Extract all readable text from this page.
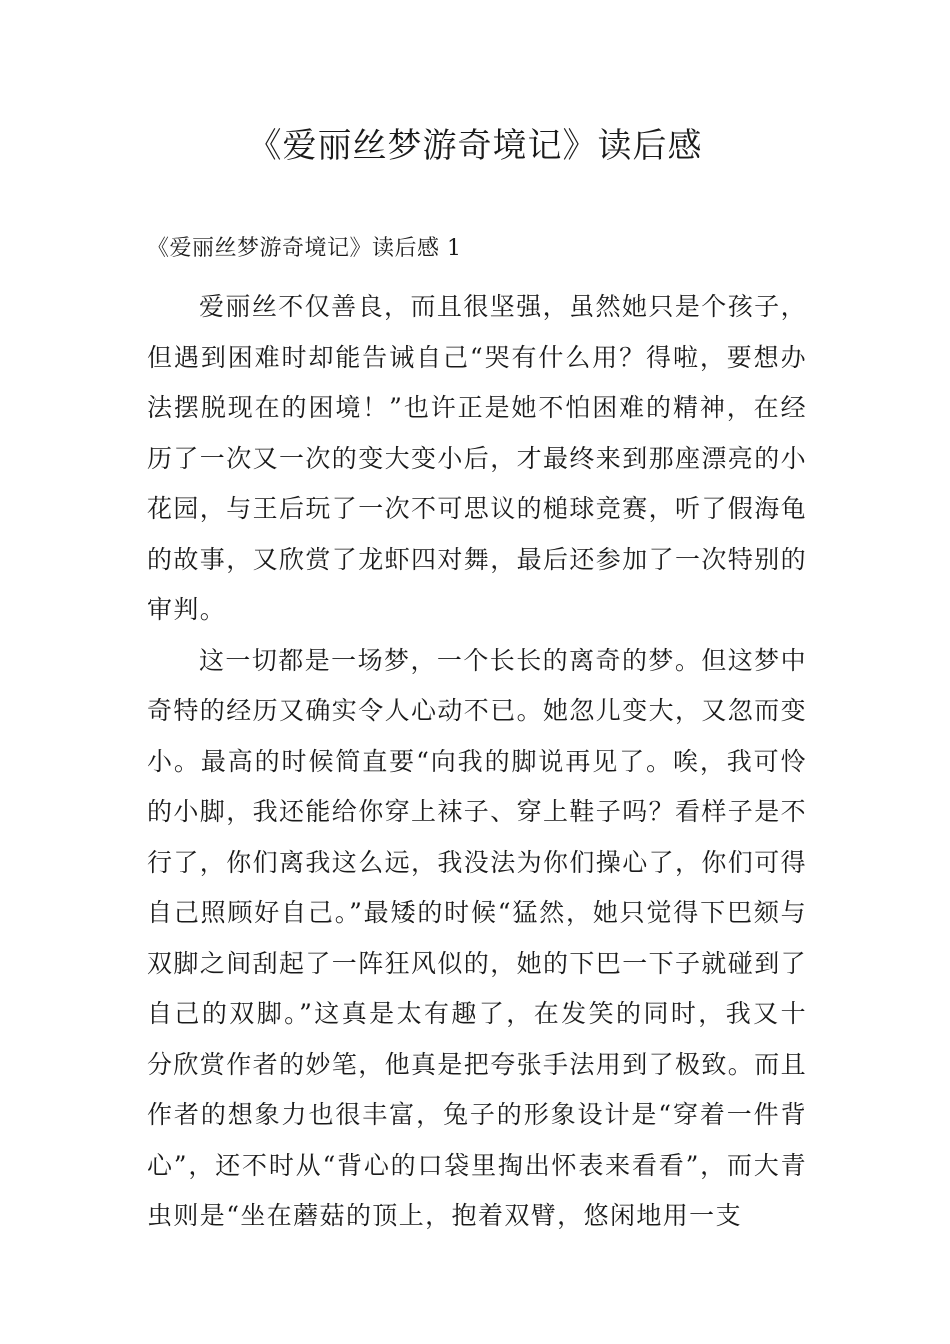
《爱丽丝梦游奇境记》读后感
《爱丽丝梦游奇境记》读后感 1

爱丽丝不仅善良，而且很坚强，虽然她只是个孩子，但遇到困难时却能告诫自己“哭有什么用？得啦，要想办法摆脱现在的困境！”也许正是她不怕困难的精神，在经历了一次又一次的变大变小后，才最终来到那座漂亮的小花园，与王后玩了一次不可思议的槌球竞赛，听了假海龟的故事，又欣赏了龙虾四对舞，最后还参加了一次特别的审判。

这一切都是一场梦，一个长长的离奇的梦。但这梦中奇特的经历又确实令人心动不已。她忽儿变大，又忽而变小。最高的时候简直要“向我的脚说再见了。唉，我可怜的小脚，我还能给你穿上袜子、穿上鞋子吗？看样子是不行了，你们离我这么远，我没法为你们操心了，你们可得自己照顾好自己。”最矮的时候“猛然，她只觉得下巴颏与双脚之间刮起了一阵狂风似的，她的下巴一下子就碰到了自己的双脚。”这真是太有趣了，在发笑的同时，我又十分欣赏作者的妙笔，他真是把夸张手法用到了极致。而且作者的想象力也很丰富，兔子的形象设计是“穿着一件背心”，还不时从“背心的口袋里掏出怀表来看看”，而大青虫则是“坐在蘑菇的顶上，抱着双臂，悠闲地用一支
